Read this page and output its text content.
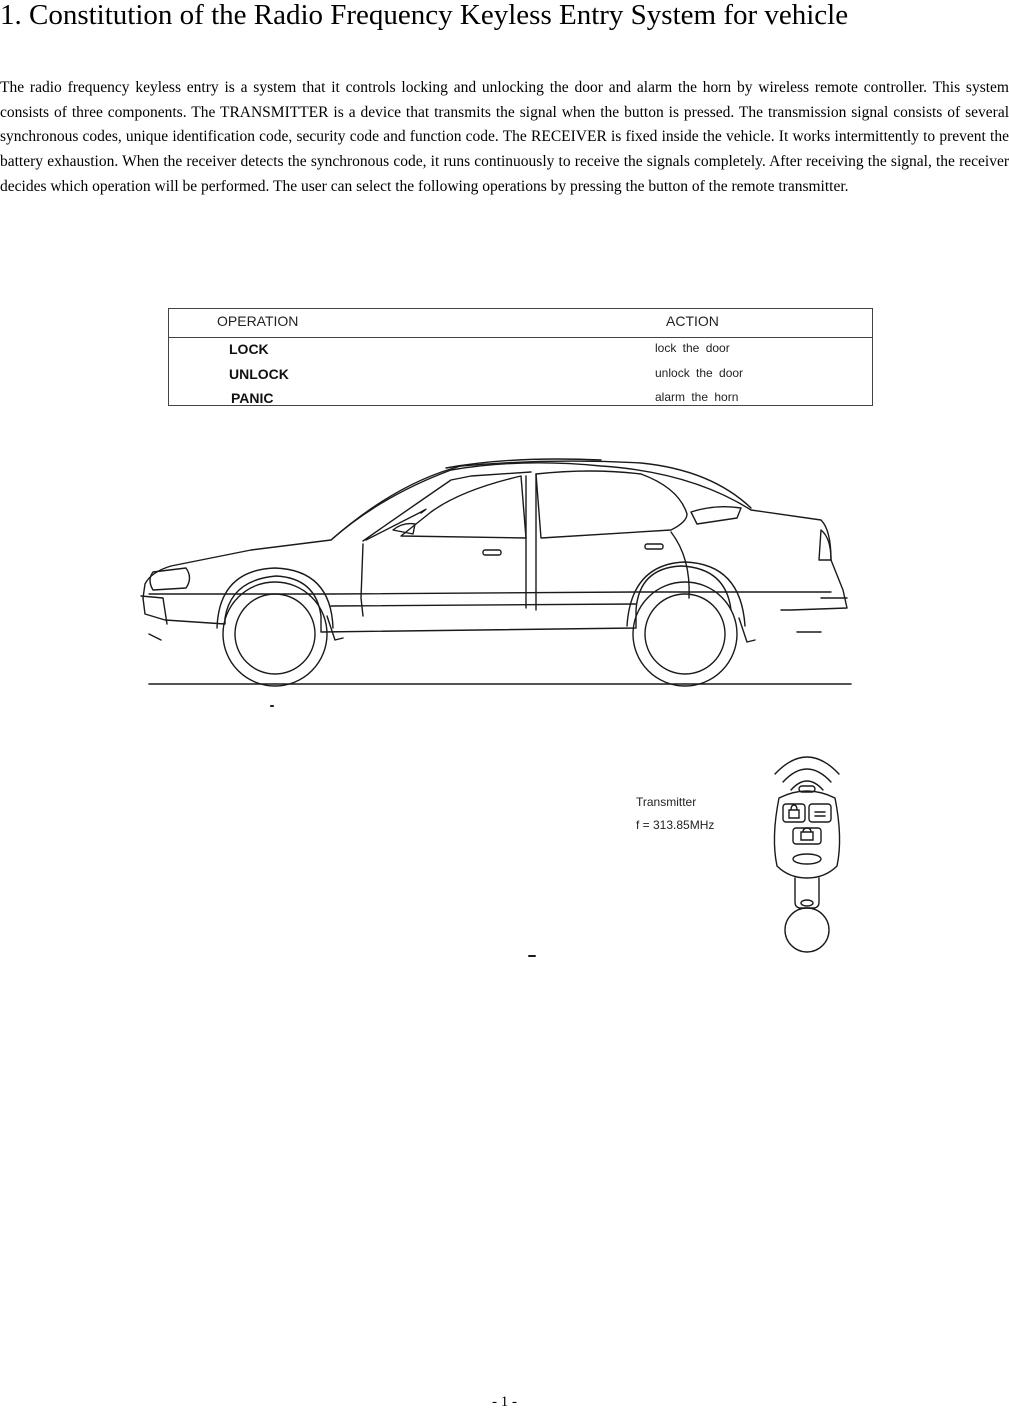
1. Constitution of the Radio Frequency Keyless Entry System for vehicle

The radio frequency keyless entry is a system that it controls locking and unlocking the door and alarm the horn by wireless remote controller. This system consists of three components. The TRANSMITTER is a device that transmits the signal when the button is pressed. The transmission signal consists of several synchronous codes, unique identification code, security code and function code. The RECEIVER is fixed inside the vehicle. It works intermittently to prevent the battery exhaustion. When the receiver detects the synchronous code, it runs continuously to receive the signals completely. After receiving the signal, the receiver decides which operation will be performed. The user can select the following operations by pressing the button of the remote transmitter.

OPERATION	ACTION
LOCK	lock the door
UNLOCK	unlock the door
PANIC	alarm the horn
Transmitter
f = 313.85MHz
- 1 -
